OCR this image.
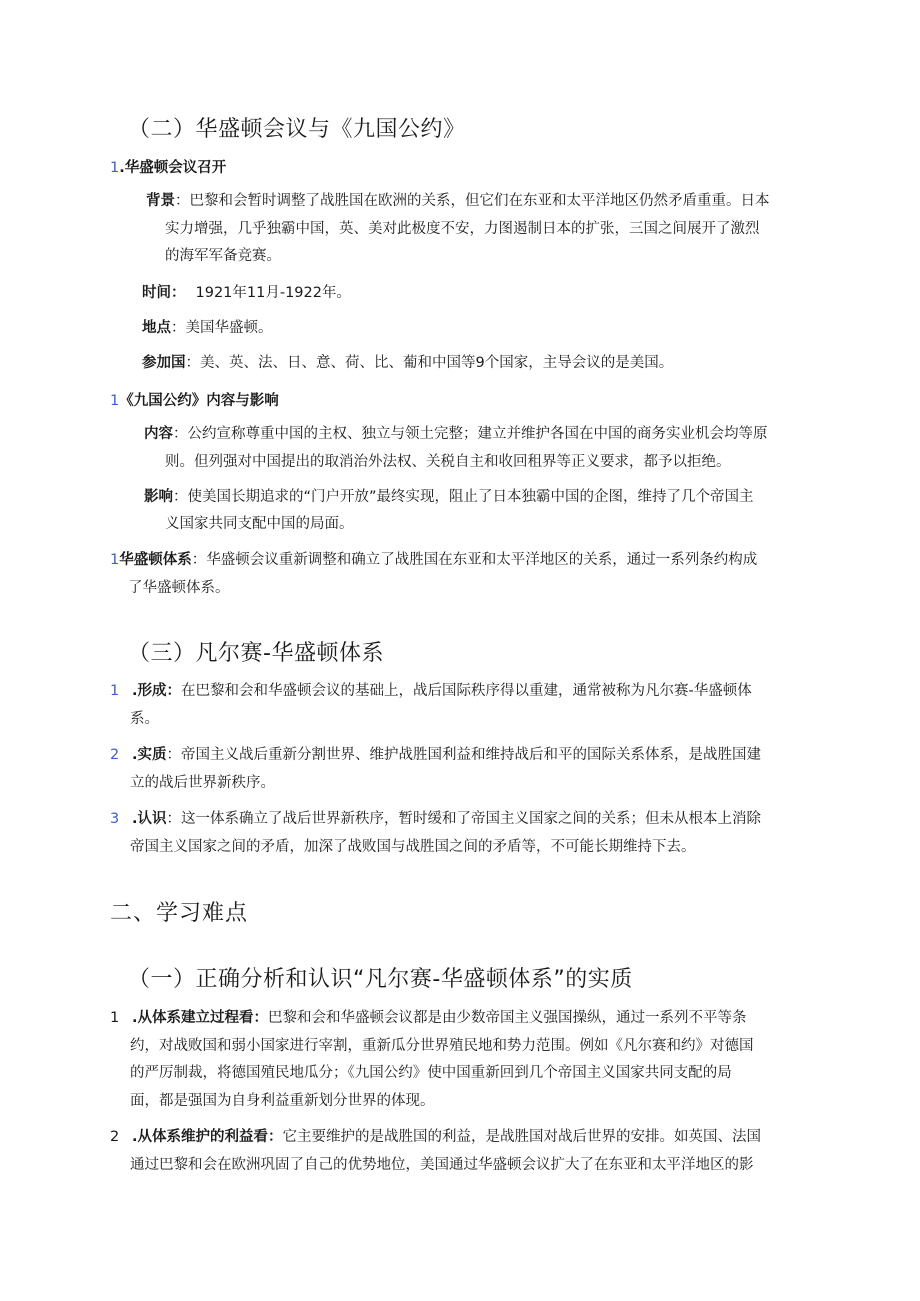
（二）华盛顿会议与《九国公约》
1.华盛顿会议召开
背景：巴黎和会暂时调整了战胜国在欧洲的关系，但它们在东亚和太平洋地区仍然矛盾重重。日本
实力增强，几乎独霸中国，英、美对此极度不安，力图遏制日本的扩张，三国之间展开了激烈
的海军军备竞赛。
时间： 1921年11月-1922年。
地点：美国华盛顿。
参加国：美、英、法、日、意、荷、比、葡和中国等9个国家，主导会议的是美国。
1《九国公约》内容与影响
内容：公约宣称尊重中国的主权、独立与领土完整；建立并维护各国在中国的商务实业机会均等原
则。但列强对中国提出的取消治外法权、关税自主和收回租界等正义要求，都予以拒绝。
影响：使美国长期追求的“门户开放”最终实现，阻止了日本独霸中国的企图，维持了几个帝国主
义国家共同支配中国的局面。
1华盛顿体系：华盛顿会议重新调整和确立了战胜国在东亚和太平洋地区的关系，通过一系列条约构成
了华盛顿体系。
（三）凡尔赛-华盛顿体系
1 .形成：在巴黎和会和华盛顿会议的基础上，战后国际秩序得以重建，通常被称为凡尔赛-华盛顿体
系。
2 .实质：帝国主义战后重新分割世界、维护战胜国利益和维持战后和平的国际关系体系，是战胜国建
立的战后世界新秩序。
3 .认识：这一体系确立了战后世界新秩序，暂时缓和了帝国主义国家之间的关系；但未从根本上消除
帝国主义国家之间的矛盾，加深了战败国与战胜国之间的矛盾等，不可能长期维持下去。
二、学习难点
（一）正确分析和认识“凡尔赛-华盛顿体系”的实质
1 .从体系建立过程看：巴黎和会和华盛顿会议都是由少数帝国主义强国操纵，通过一系列不平等条
约，对战败国和弱小国家进行宰割，重新瓜分世界殖民地和势力范围。例如《凡尔赛和约》对德国
的严厉制裁，将德国殖民地瓜分；《九国公约》使中国重新回到几个帝国主义国家共同支配的局
面，都是强国为自身利益重新划分世界的体现。
2 .从体系维护的利益看：它主要维护的是战胜国的利益，是战胜国对战后世界的安排。如英国、法国
通过巴黎和会在欧洲巩固了自己的优势地位，美国通过华盛顿会议扩大了在东亚和太平洋地区的影
